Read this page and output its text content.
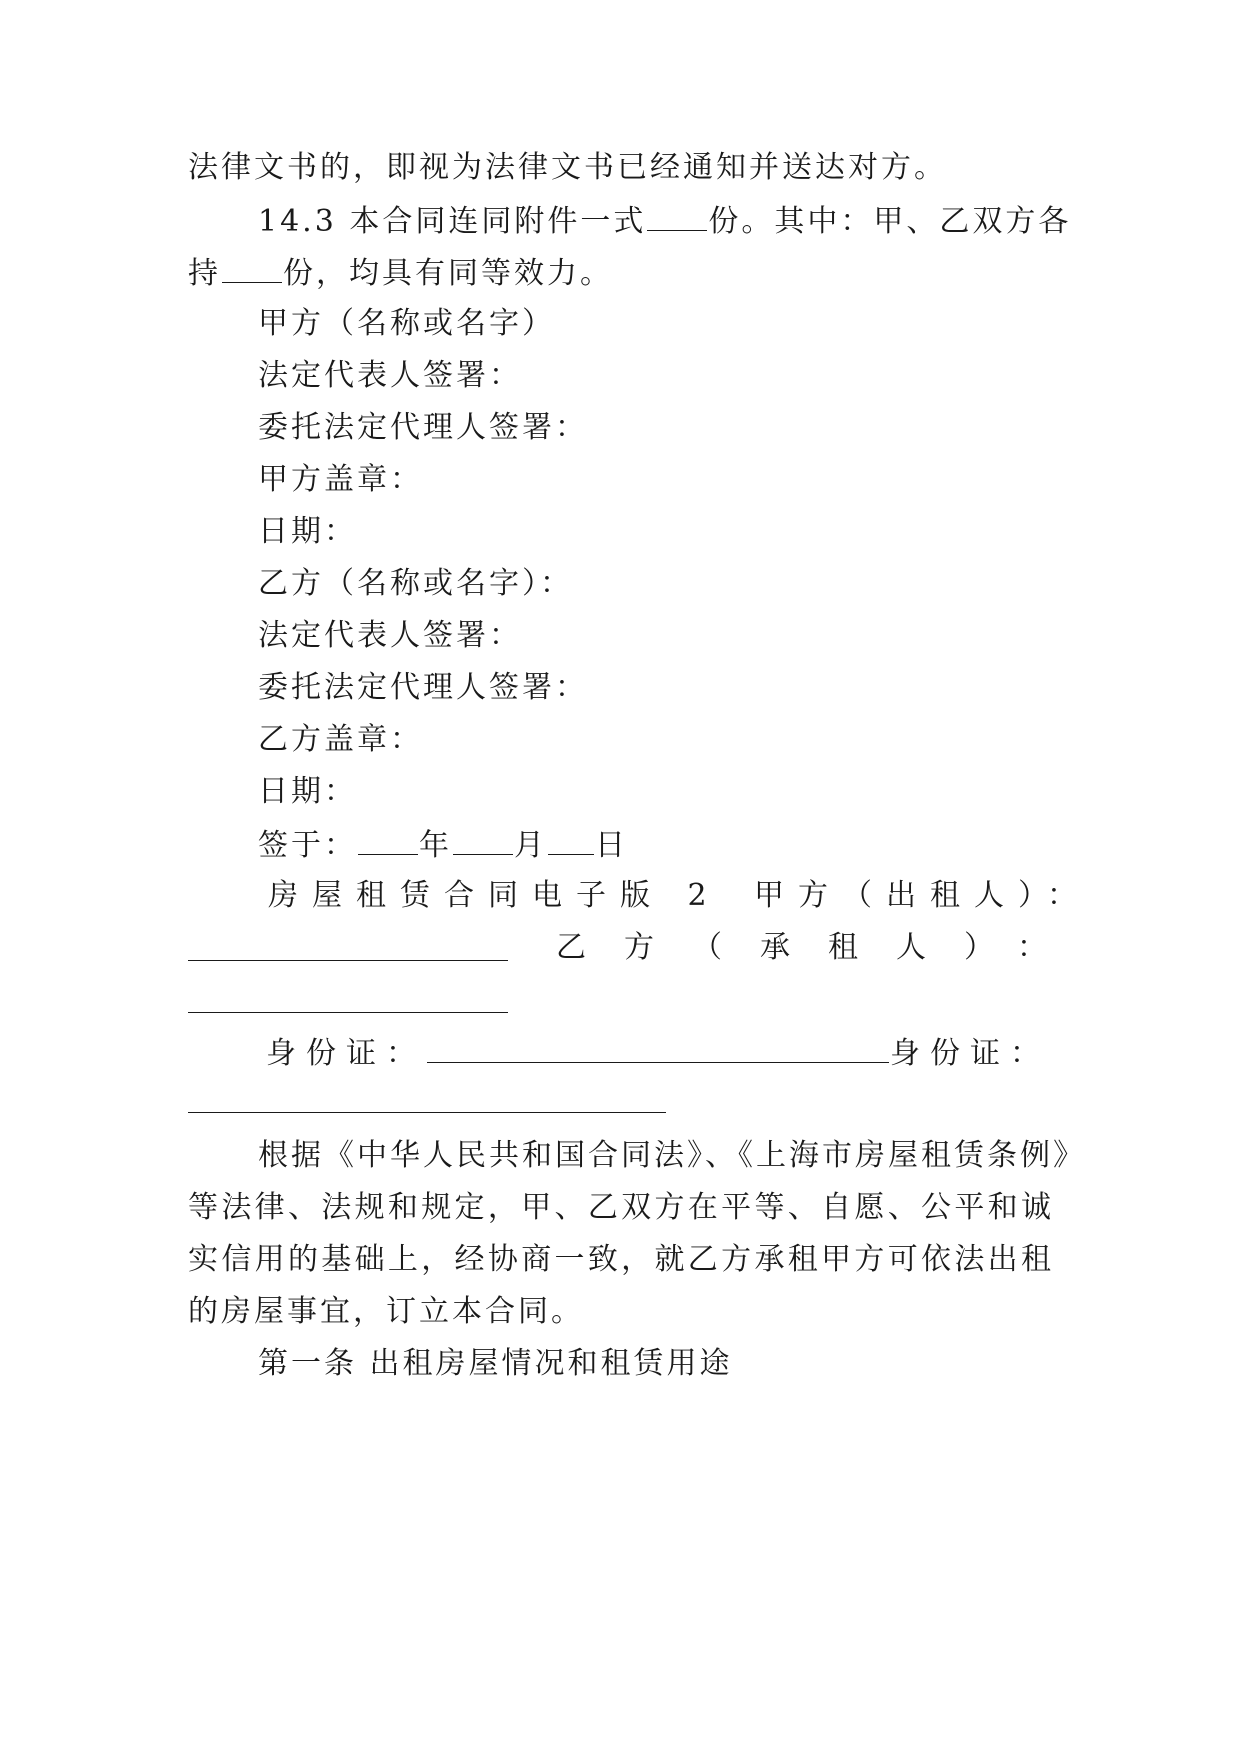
法律文书的，即视为法律文书已经通知并送达对方。
14.3 本合同连同附件一式 份。其中：甲、乙双方各
持 份，均具有同等效力。
甲方（名称或名字）
法定代表人签署：
委托法定代理人签署：
甲方盖章：
日期：
乙方（名称或名字）：
法定代表人签署：
委托法定代理人签署：
乙方盖章：
日期：
签于： 年 月 日
房屋租赁合同电子版 2 甲方（出租人）：
乙方（承租人）：
身份证：	身份证：
根据《中华人民共和国合同法》、《上海市房屋租赁条例》
等法律、法规和规定，甲、乙双方在平等、自愿、公平和诚
实信用的基础上，经协商一致，就乙方承租甲方可依法出租
的房屋事宜，订立本合同。
第一条 出租房屋情况和租赁用途
